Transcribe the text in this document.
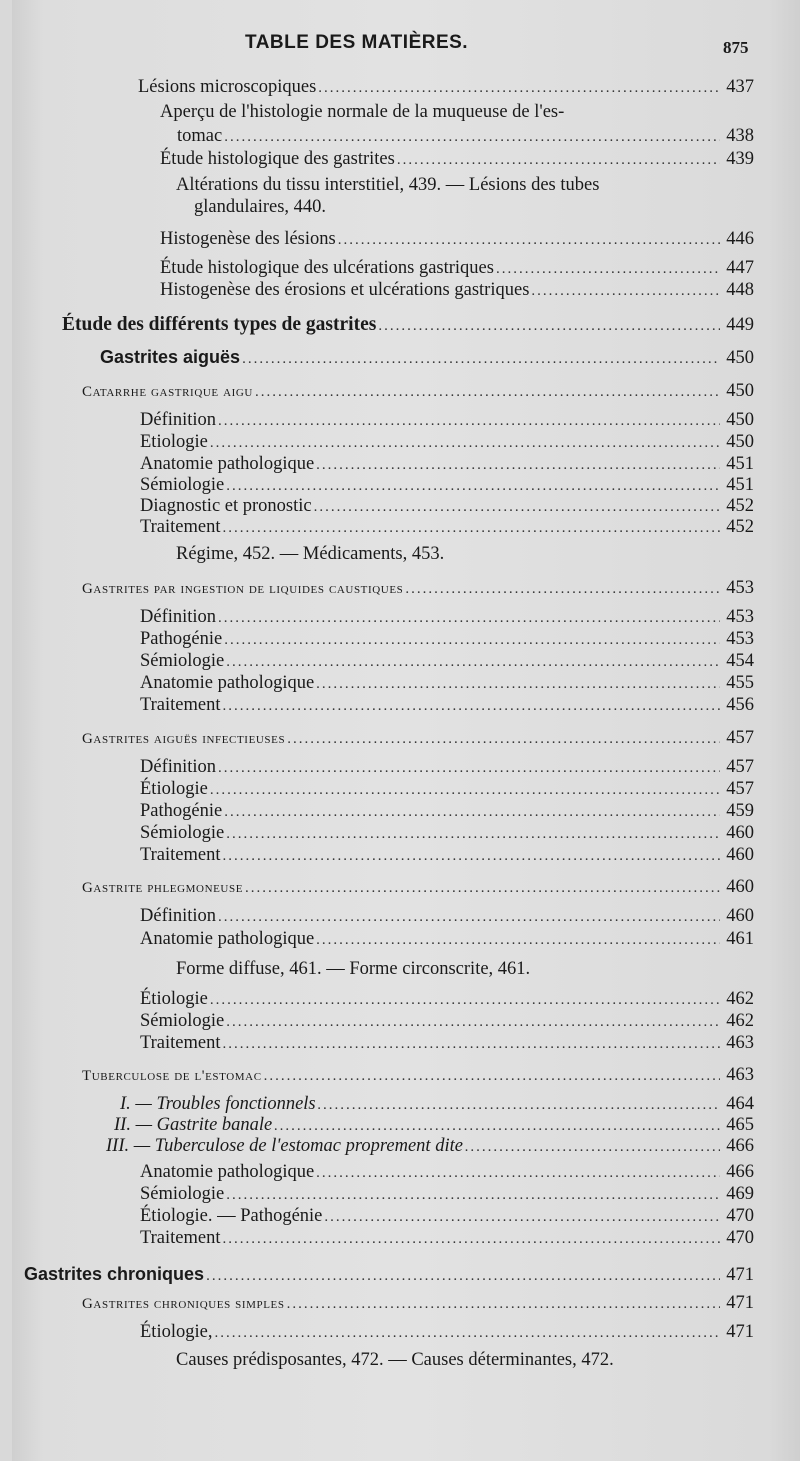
TABLE DES MATIÈRES.	875
Lésions microscopiques .....	437
Aperçu de l'histologie normale de la muqueuse de l'es-
tomac .....	438
Étude histologique des gastrites .....	439
Altérations du tissu interstitiel, 439. — Lésions des tubes
glandulaires, 440.
Histogenèse des lésions .....	446
Étude histologique des ulcérations gastriques .....	447
Histogenèse des érosions et ulcérations gastriques .....	448
Étude des différents types de gastrites .....	449
Gastrites aiguës .....	450
Catarrhe gastrique aigu .....	450
Définition .....	450
Etiologie .....	450
Anatomie pathologique .....	451
Sémiologie .....	451
Diagnostic et pronostic .....	452
Traitement .....	452
Régime, 452. — Médicaments, 453.
Gastrites par ingestion de liquides caustiques .....	453
Définition .....	453
Pathogénie .....	453
Sémiologie .....	454
Anatomie pathologique .....	455
Traitement .....	456
Gastrites aiguës infectieuses .....	457
Définition .....	457
Étiologie .....	457
Pathogénie .....	459
Sémiologie .....	460
Traitement .....	460
Gastrite phlegmoneuse .....	460
Définition .....	460
Anatomie pathologique .....	461
Forme diffuse, 461. — Forme circonscrite, 461.
Étiologie .....	462
Sémiologie .....	462
Traitement .....	463
Tuberculose de l'estomac .....	463
I. — Troubles fonctionnels .....	464
II. — Gastrite banale .....	465
III. — Tuberculose de l'estomac proprement dite .....	466
Anatomie pathologique .....	466
Sémiologie .....	469
Étiologie. — Pathogénie .....	470
Traitement .....	470
Gastrites chroniques .....	471
Gastrites chroniques simples .....	471
Étiologie, .....	471
Causes prédisposantes, 472. — Causes déterminantes, 472.
